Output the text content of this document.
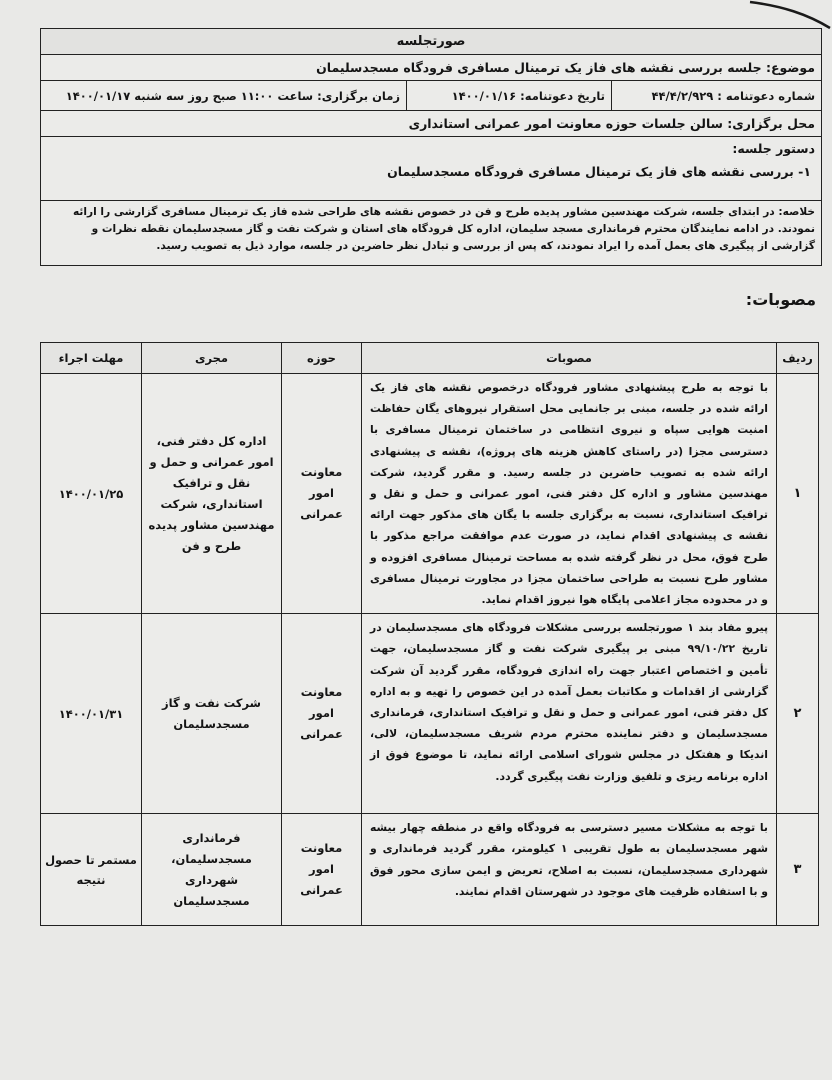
صورتجلسه
موضوع: جلسه بررسی نقشه های فاز یک ترمینال مسافری فرودگاه مسجدسلیمان
شماره دعوتنامه : ۴۴/۴/۲/۹۲۹
تاریخ دعوتنامه: ۱۴۰۰/۰۱/۱۶
زمان برگزاری: ساعت ۱۱:۰۰ صبح روز سه شنبه ۱۴۰۰/۰۱/۱۷
محل برگزاری: سالن جلسات حوزه معاونت امور عمرانی استانداری
دستور جلسه:
۱- بررسی نقشه های فاز یک ترمینال مسافری فرودگاه مسجدسلیمان
خلاصه: در ابتدای جلسه، شرکت مهندسین مشاور پدیده طرح و فن در خصوص نقشه های طراحی شده فاز یک ترمینال مسافری گزارشی را ارائه نمودند. در ادامه نمایندگان محترم فرمانداری مسجد سلیمان، اداره کل فرودگاه های استان و شرکت نفت و گاز مسجدسلیمان نقطه نظرات و گزارشی از پیگیری های بعمل آمده را ایراد نمودند، که پس از بررسی و تبادل نظر حاضرین در جلسه، موارد ذیل به تصویب رسید.
مصوبات:
ردیف	مصوبات	حوزه	مجری	مهلت اجراء
۱	با توجه به طرح پیشنهادی مشاور فرودگاه درخصوص نقشه های فاز یک ارائه شده در جلسه، مبنی بر جانمایی محل استقرار نیروهای یگان حفاظت امنیت هوایی سپاه و نیروی انتظامی در ساختمان ترمینال مسافری با دسترسی مجزا (در راستای کاهش هزینه های پروژه)، نقشه ی پیشنهادی ارائه شده به تصویب حاضرین در جلسه رسید. و مقرر گردید، شرکت مهندسین مشاور و اداره کل دفتر فنی، امور عمرانی و حمل و نقل و ترافیک استانداری، نسبت به برگزاری جلسه با یگان های مذکور جهت ارائه نقشه ی پیشنهادی اقدام نماید، در صورت عدم موافقت مراجع مذکور با طرح فوق، محل در نظر گرفته شده به مساحت ترمینال مسافری افزوده و مشاور طرح نسبت به طراحی ساختمان مجزا در مجاورت ترمینال مسافری و در محدوده مجاز اعلامی پایگاه هوا نیروز اقدام نماید.	معاونت امور عمرانی	اداره کل دفتر فنی، امور عمرانی و حمل و نقل و ترافیک استانداری، شرکت مهندسین مشاور پدیده طرح و فن	۱۴۰۰/۰۱/۲۵
۲	پیرو مفاد بند ۱ صورتجلسه بررسی مشکلات فرودگاه های مسجدسلیمان در تاریخ ۹۹/۱۰/۲۲ مبنی بر پیگیری شرکت نفت و گاز مسجدسلیمان، جهت تأمین و اختصاص اعتبار جهت راه اندازی فرودگاه، مقرر گردید آن شرکت گزارشی از اقدامات و مکاتبات بعمل آمده در این خصوص را تهیه و به اداره کل دفتر فنی، امور عمرانی و حمل و نقل و ترافیک استانداری، فرمانداری مسجدسلیمان و دفتر نماینده محترم مردم شریف مسجدسلیمان، لالی، اندیکا و هفتکل در مجلس شورای اسلامی ارائه نماید، تا موضوع فوق از اداره برنامه ریزی و تلفیق وزارت نفت پیگیری گردد.	معاونت امور عمرانی	شرکت نفت و گاز مسجدسلیمان	۱۴۰۰/۰۱/۳۱
۳	با توجه به مشکلات مسیر دسترسی به فرودگاه واقع در منطقه چهار بیشه شهر مسجدسلیمان به طول تقریبی ۱ کیلومتر، مقرر گردید فرمانداری و شهرداری مسجدسلیمان، نسبت به اصلاح، تعریض و ایمن سازی محور فوق و با استفاده ظرفیت های موجود در شهرستان اقدام نمایند.	معاونت امور عمرانی	فرمانداری مسجدسلیمان، شهرداری مسجدسلیمان	مستمر تا حصول نتیجه
